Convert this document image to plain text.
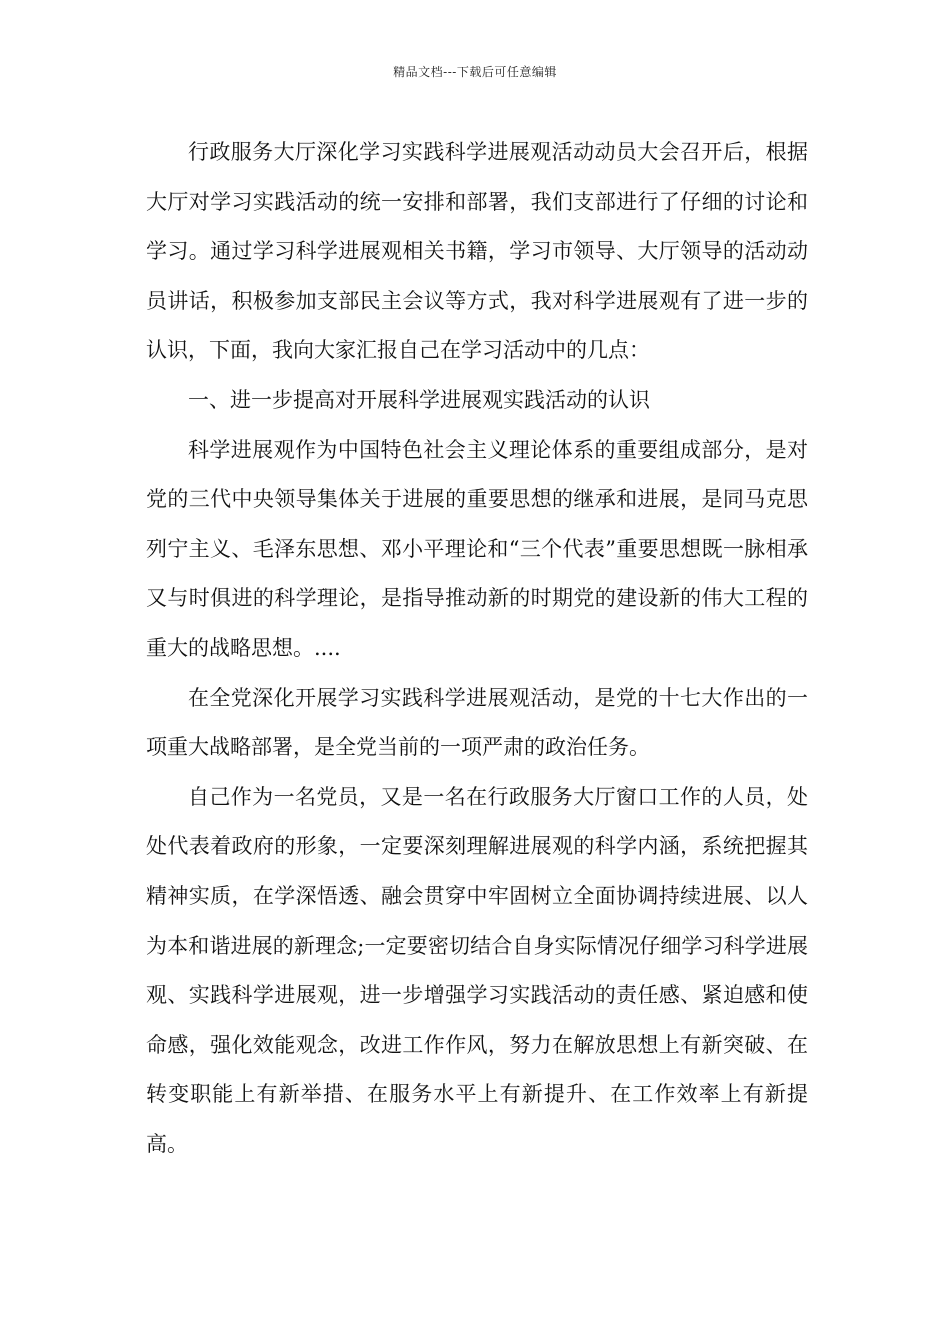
精品文档---下载后可任意编辑

行政服务大厅深化学习实践科学进展观活动动员大会召开后，根据大厅对学习实践活动的统一安排和部署，我们支部进行了仔细的讨论和学习。通过学习科学进展观相关书籍，学习市领导、大厅领导的活动动员讲话，积极参加支部民主会议等方式，我对科学进展观有了进一步的认识，下面，我向大家汇报自己在学习活动中的几点：

一、进一步提高对开展科学进展观实践活动的认识

科学进展观作为中国特色社会主义理论体系的重要组成部分，是对党的三代中央领导集体关于进展的重要思想的继承和进展，是同马克思列宁主义、毛泽东思想、邓小平理论和“三个代表”重要思想既一脉相承又与时俱进的科学理论，是指导推动新的时期党的建设新的伟大工程的重大的战略思想。....

在全党深化开展学习实践科学进展观活动，是党的十七大作出的一项重大战略部署，是全党当前的一项严肃的政治任务。

自己作为一名党员，又是一名在行政服务大厅窗口工作的人员，处处代表着政府的形象，一定要深刻理解进展观的科学内涵，系统把握其精神实质，在学深悟透、融会贯穿中牢固树立全面协调持续进展、以人为本和谐进展的新理念;一定要密切结合自身实际情况仔细学习科学进展观、实践科学进展观，进一步增强学习实践活动的责任感、紧迫感和使命感，强化效能观念，改进工作作风，努力在解放思想上有新突破、在转变职能上有新举措、在服务水平上有新提升、在工作效率上有新提高。
